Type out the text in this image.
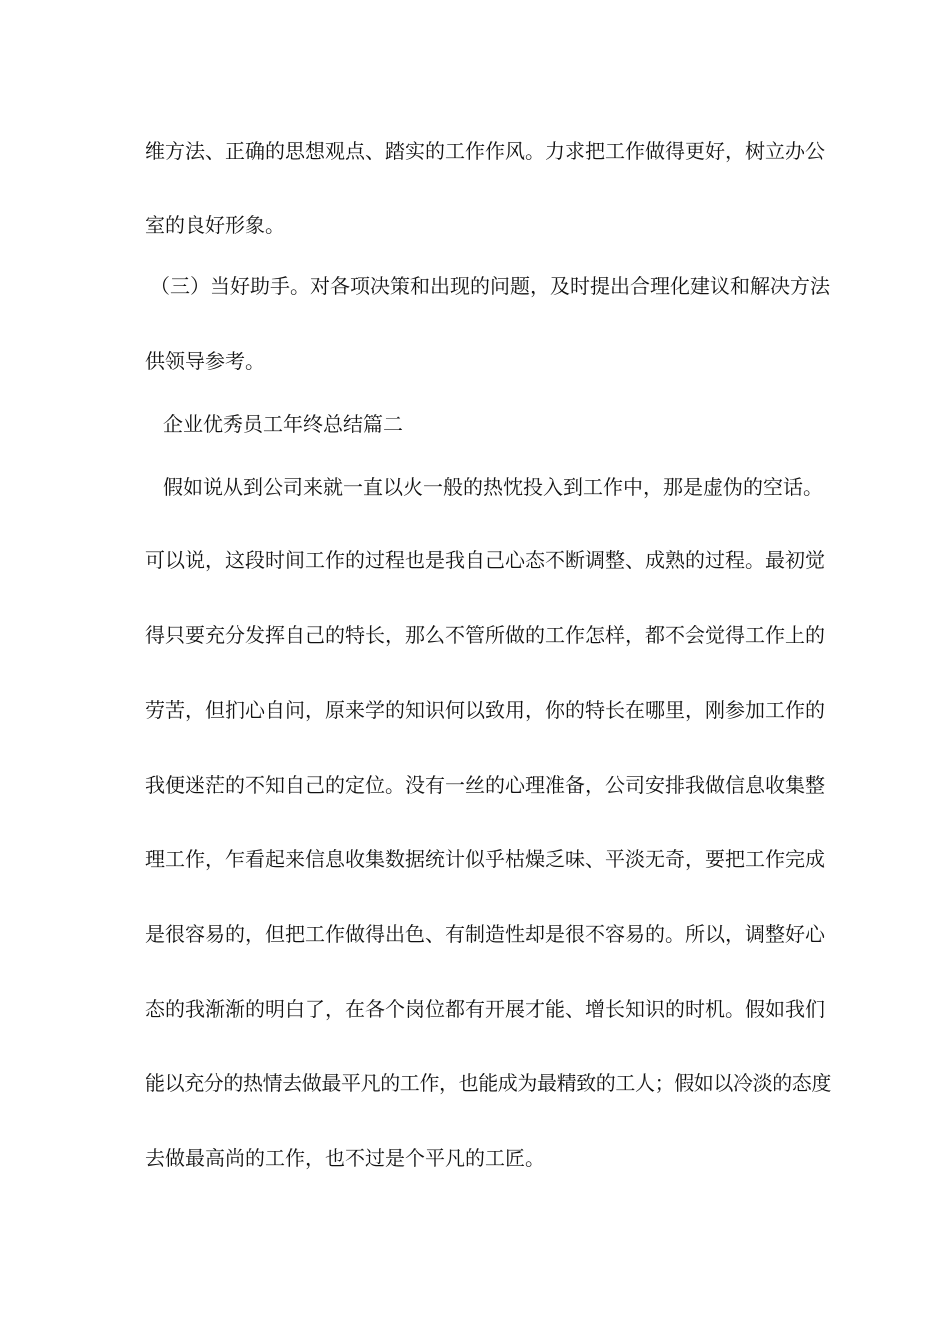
维方法、正确的思想观点、踏实的工作作风。力求把工作做得更好，树立办公
室的良好形象。
（三）当好助手。对各项决策和出现的问题，及时提出合理化建议和解决方法
供领导参考。
企业优秀员工年终总结篇二
假如说从到公司来就一直以火一般的热忱投入到工作中，那是虚伪的空话。
可以说，这段时间工作的过程也是我自己心态不断调整、成熟的过程。最初觉
得只要充分发挥自己的特长，那么不管所做的工作怎样，都不会觉得工作上的
劳苦，但扪心自问，原来学的知识何以致用，你的特长在哪里，刚参加工作的
我便迷茫的不知自己的定位。没有一丝的心理准备，公司安排我做信息收集整
理工作，乍看起来信息收集数据统计似乎枯燥乏味、平淡无奇，要把工作完成
是很容易的，但把工作做得出色、有制造性却是很不容易的。所以，调整好心
态的我渐渐的明白了，在各个岗位都有开展才能、增长知识的时机。假如我们
能以充分的热情去做最平凡的工作，也能成为最精致的工人；假如以冷淡的态度
去做最高尚的工作，也不过是个平凡的工匠。
